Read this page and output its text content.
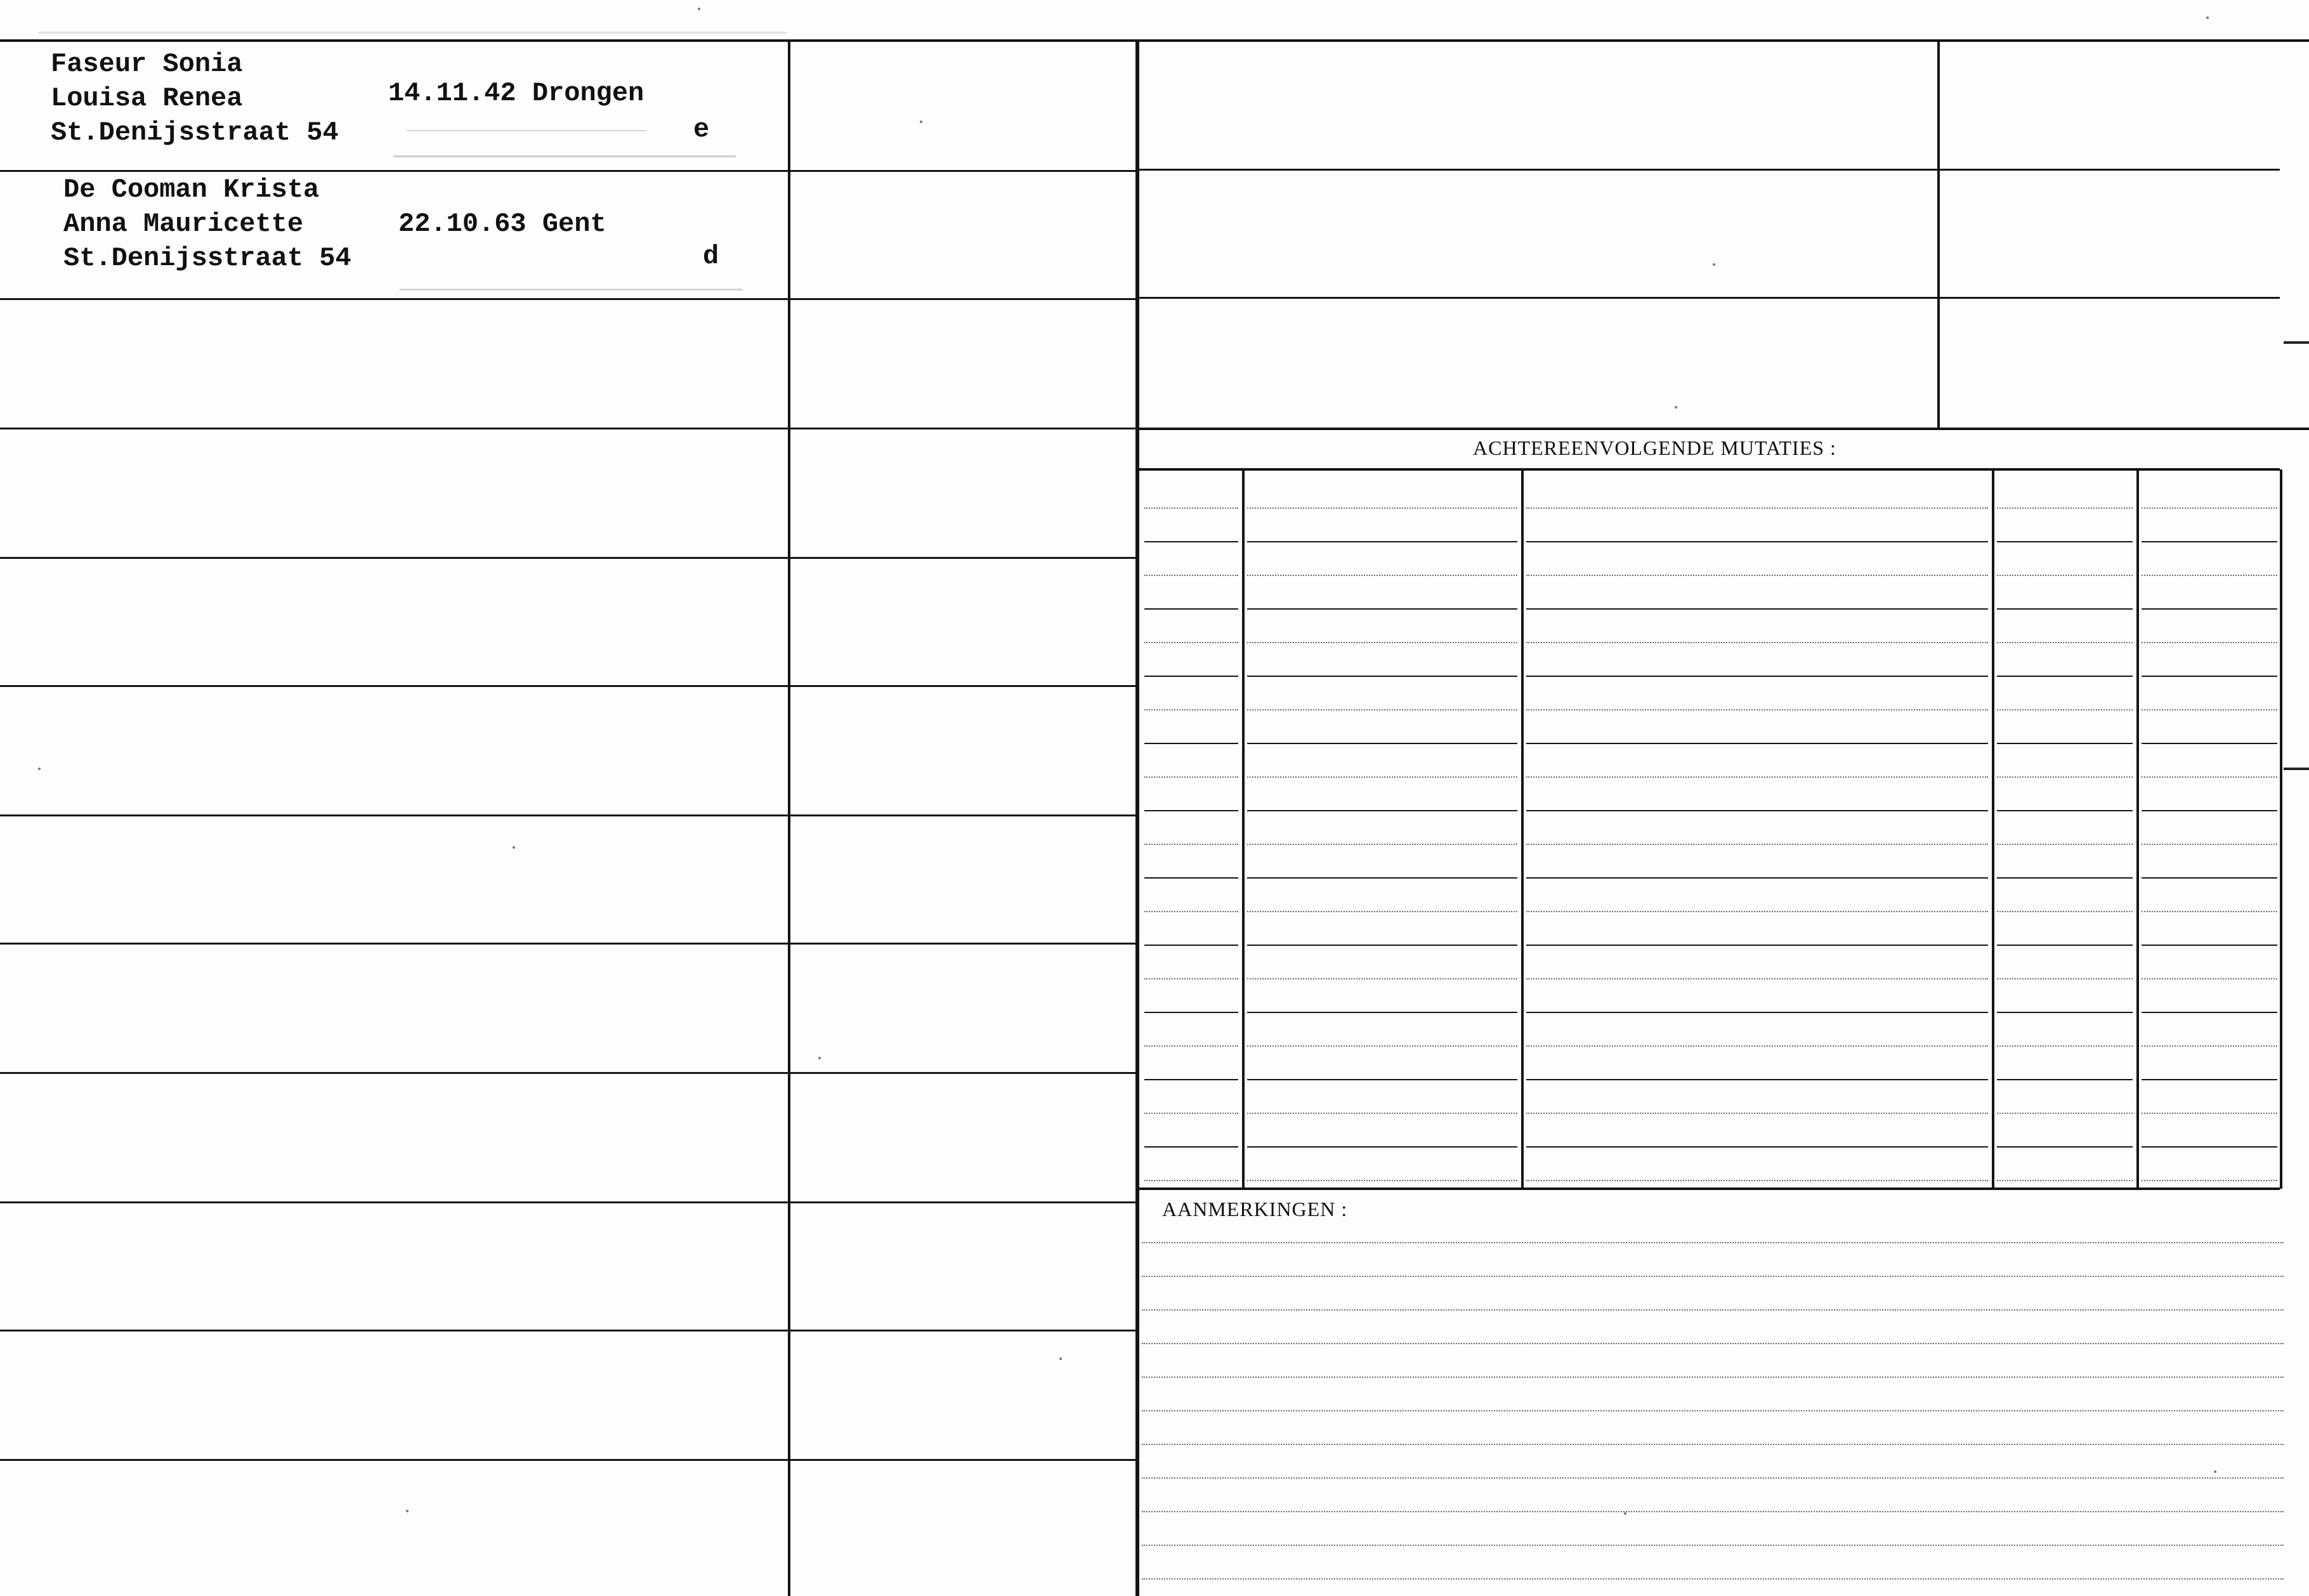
Faseur Sonia
Louisa Renea
St.Denijsstraat 54
14.11.42 Drongen
e
De Cooman Krista
Anna Mauricette
St.Denijsstraat 54
22.10.63 Gent
d
ACHTEREENVOLGENDE MUTATIES :
AANMERKINGEN :
